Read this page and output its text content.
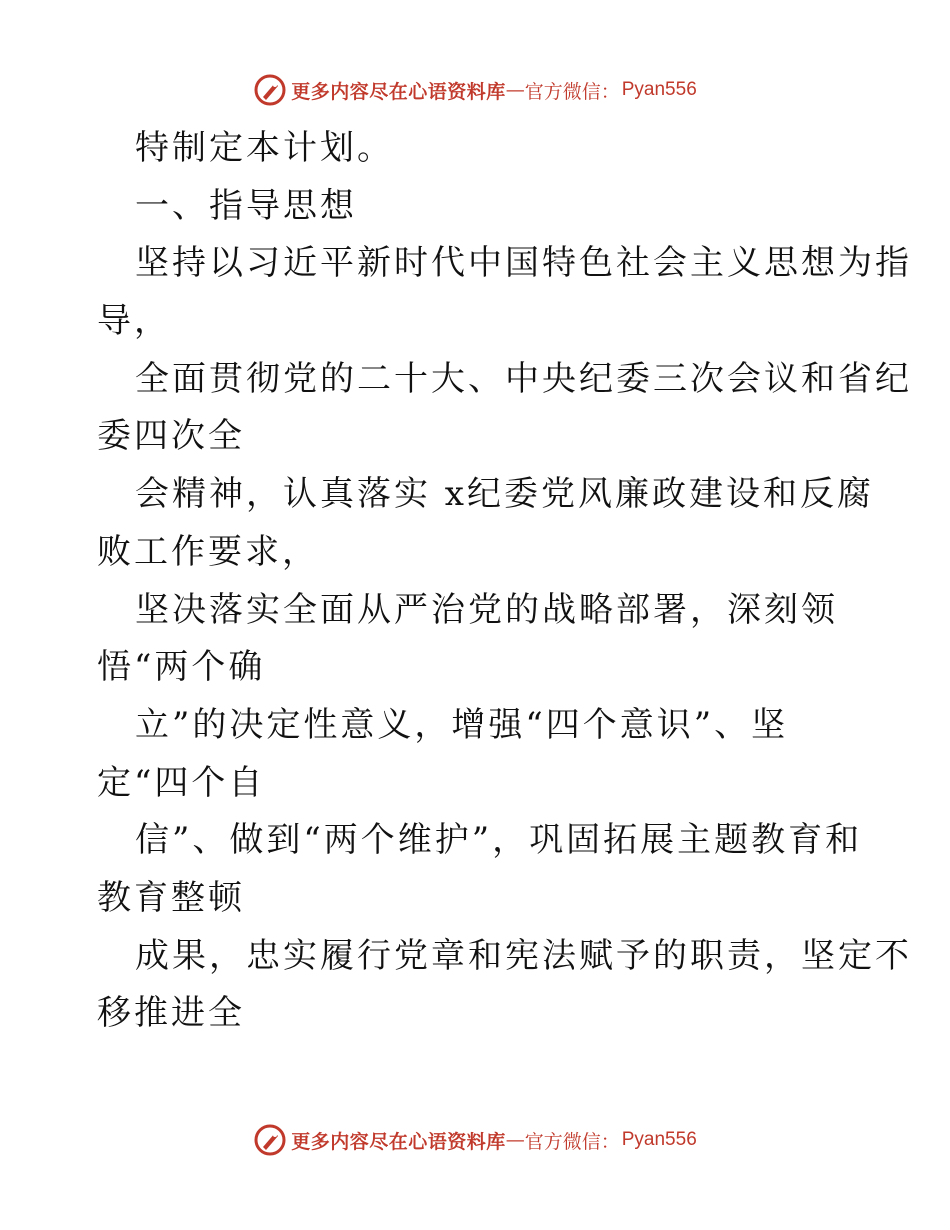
更多内容尽在心语资料库 — 官方微信： Pyan556
特制定本计划。
一、指导思想
坚持以习近平新时代中国特色社会主义思想为指
导，
全面贯彻党的二十大、中央纪委三次会议和省纪
委四次全
会精神，认真落实 x纪委党风廉政建设和反腐
败工作要求，
坚决落实全面从严治党的战略部署，深刻领
悟“两个确
立”的决定性意义，增强“四个意识”、坚
定“四个自
信”、做到“两个维护”，巩固拓展主题教育和
教育整顿
成果，忠实履行党章和宪法赋予的职责，坚定不
移推进全
更多内容尽在心语资料库 — 官方微信： Pyan556
